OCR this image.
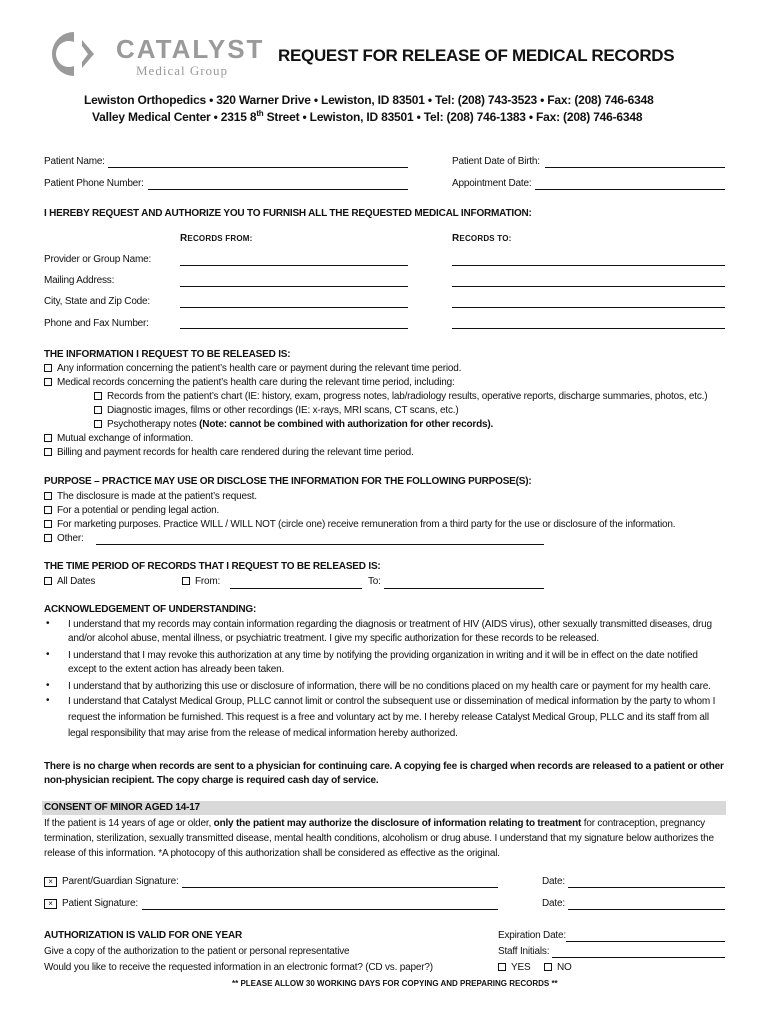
CATALYST
Medical Group
REQUEST FOR RELEASE OF MEDICAL RECORDS
Lewiston Orthopedics • 320 Warner Drive • Lewiston, ID 83501 • Tel: (208) 743-3523 • Fax: (208) 746-6348
Valley Medical Center • 2315 8th Street • Lewiston, ID 83501 • Tel: (208) 746-1383 • Fax: (208) 746-6348
Patient Name:	Patient Date of Birth:
Patient Phone Number:	Appointment Date:
I HEREBY REQUEST AND AUTHORIZE YOU TO FURNISH ALL THE REQUESTED MEDICAL INFORMATION:
RECORDS FROM:	RECORDS TO:
Provider or Group Name:
Mailing Address:
City, State and Zip Code:
Phone and Fax Number:
THE INFORMATION I REQUEST TO BE RELEASED IS:
Any information concerning the patient’s health care or payment during the relevant time period.
Medical records concerning the patient’s health care during the relevant time period, including:
Records from the patient’s chart (IE: history, exam, progress notes, lab/radiology results, operative reports, discharge summaries, photos, etc.)
Diagnostic images, films or other recordings (IE: x-rays, MRI scans, CT scans, etc.)
Psychotherapy notes (Note: cannot be combined with authorization for other records).
Mutual exchange of information.
Billing and payment records for health care rendered during the relevant time period.
PURPOSE – PRACTICE MAY USE OR DISCLOSE THE INFORMATION FOR THE FOLLOWING PURPOSE(S):
The disclosure is made at the patient’s request.
For a potential or pending legal action.
For marketing purposes. Practice WILL / WILL NOT (circle one) receive remuneration from a third party for the use or disclosure of the information.
Other:
THE TIME PERIOD OF RECORDS THAT I REQUEST TO BE RELEASED IS:
All Dates	From:	To:
ACKNOWLEDGEMENT OF UNDERSTANDING:
• I understand that my records may contain information regarding the diagnosis or treatment of HIV (AIDS virus), other sexually transmitted diseases, drug
and/or alcohol abuse, mental illness, or psychiatric treatment. I give my specific authorization for these records to be released.
• I understand that I may revoke this authorization at any time by notifying the providing organization in writing and it will be in effect on the date notified
except to the extent action has already been taken.
• I understand that by authorizing this use or disclosure of information, there will be no conditions placed on my health care or payment for my health care.
• I understand that Catalyst Medical Group, PLLC cannot limit or control the subsequent use or dissemination of medical information by the party to whom I
request the information be furnished. This request is a free and voluntary act by me. I hereby release Catalyst Medical Group, PLLC and its staff from all
legal responsibility that may arise from the release of medical information hereby authorized.
There is no charge when records are sent to a physician for continuing care. A copying fee is charged when records are released to a patient or other
non-physician recipient. The copy charge is required cash day of service.
CONSENT OF MINOR AGED 14-17
If the patient is 14 years of age or older, only the patient may authorize the disclosure of information relating to treatment for contraception, pregnancy
termination, sterilization, sexually transmitted disease, mental health conditions, alcoholism or drug abuse. I understand that my signature below authorizes the
release of this information. *A photocopy of this authorization shall be considered as effective as the original.
× Parent/Guardian Signature:	Date:
× Patient Signature:	Date:
AUTHORIZATION IS VALID FOR ONE YEAR
Give a copy of the authorization to the patient or personal representative
Would you like to receive the requested information in an electronic format? (CD vs. paper?)
Expiration Date:
Staff Initials:
YES	NO
** PLEASE ALLOW 30 WORKING DAYS FOR COPYING AND PREPARING RECORDS **
